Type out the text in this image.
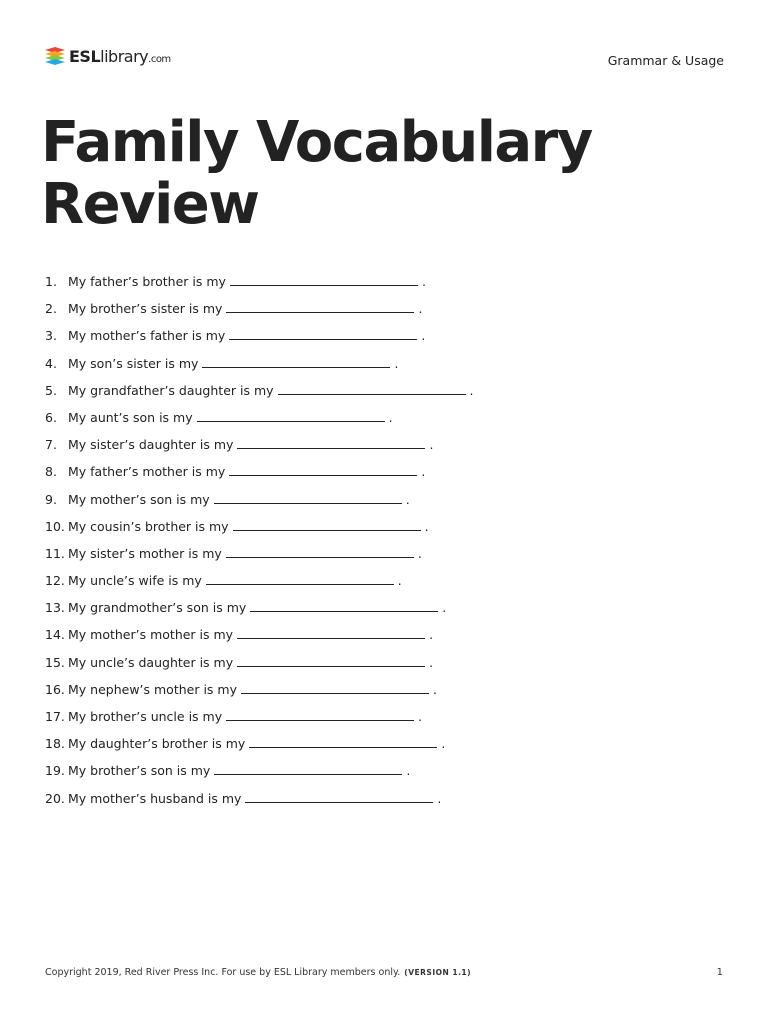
ESLlibrary.com	Grammar & Usage
Family Vocabulary
Review
1. My father’s brother is my	.
2. My brother’s sister is my	.
3. My mother’s father is my	.
4. My son’s sister is my	.
5. My grandfather’s daughter is my	.
6. My aunt’s son is my	.
7. My sister’s daughter is my	.
8. My father’s mother is my	.
9. My mother’s son is my	.
10. My cousin’s brother is my	.
11. My sister’s mother is my	.
12. My uncle’s wife is my	.
13. My grandmother’s son is my	.
14. My mother’s mother is my	.
15. My uncle’s daughter is my	.
16. My nephew’s mother is my	.
17. My brother’s uncle is my	.
18. My daughter’s brother is my	.
19. My brother’s son is my	.
20. My mother’s husband is my	.
Copyright 2019, Red River Press Inc. For use by ESL Library members only. (VERSION 1.1)	1
